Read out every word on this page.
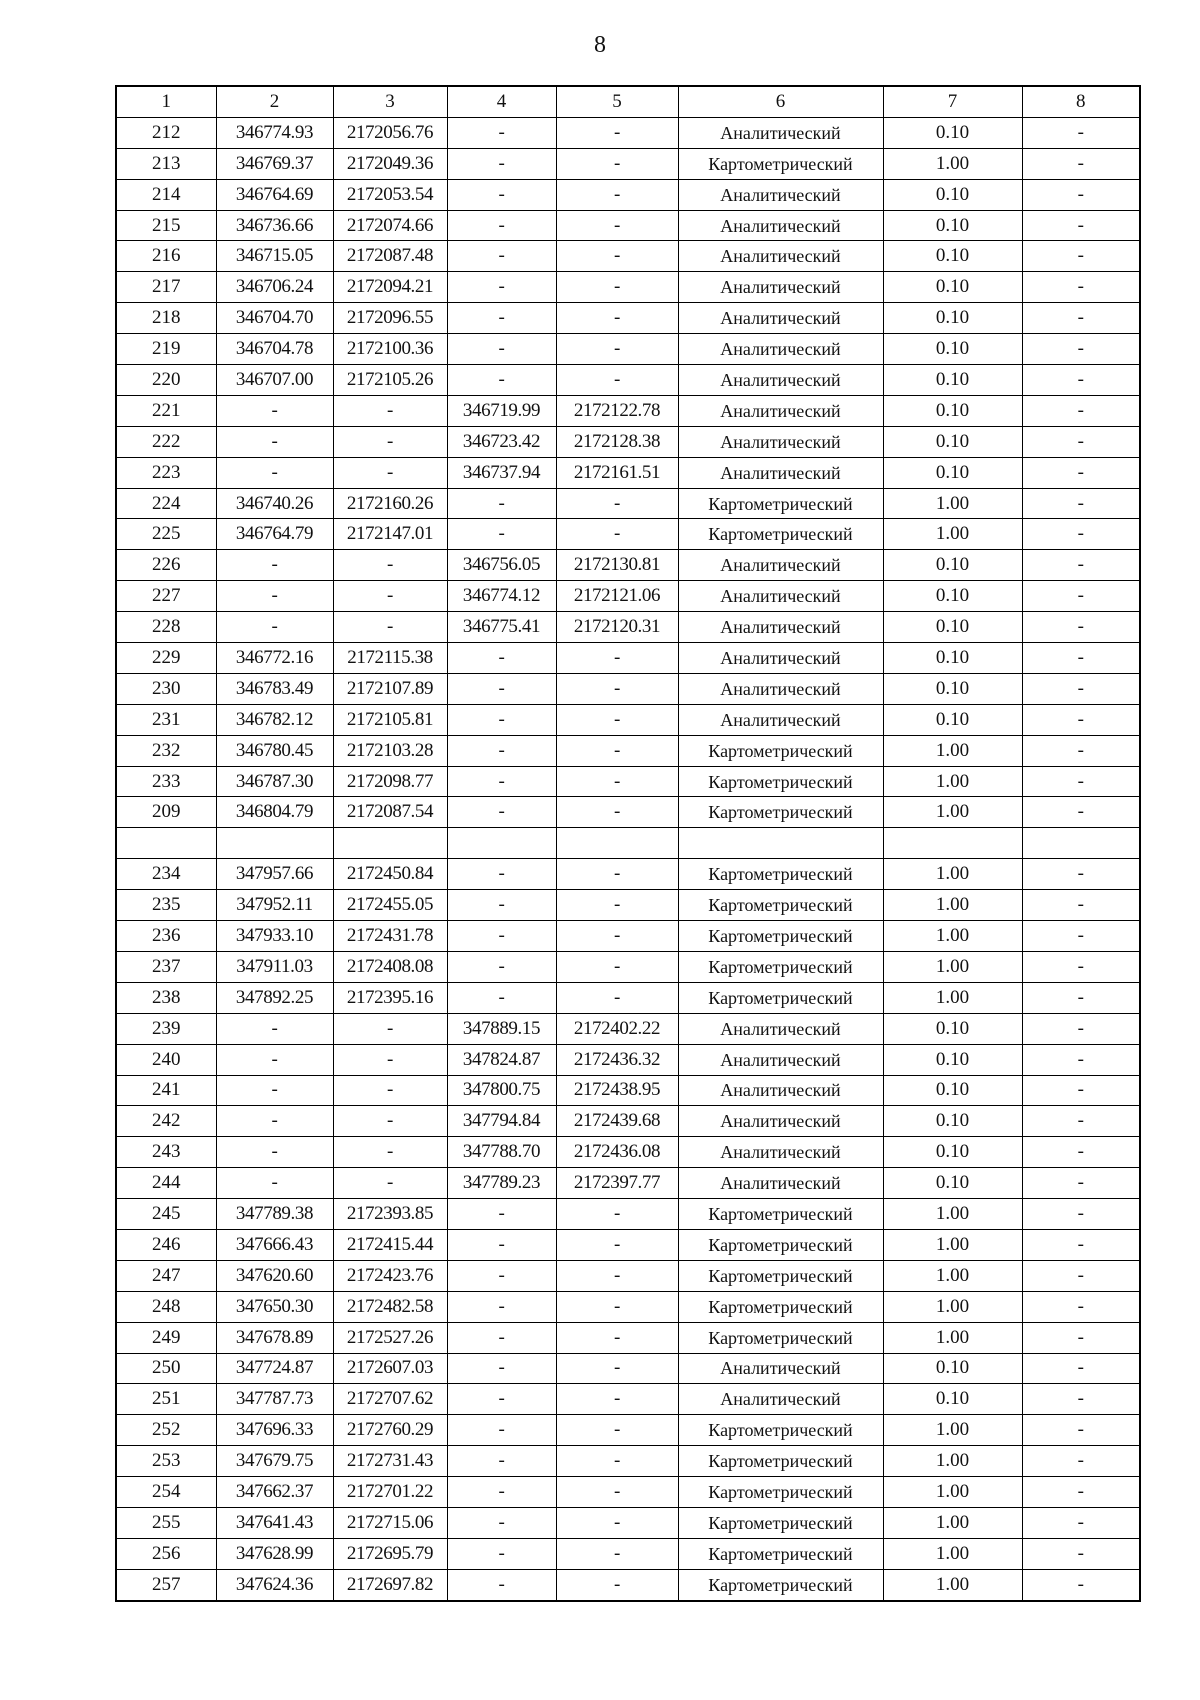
8
1	2	3	4	5	6	7	8
212	346774.93	2172056.76	-	-	Аналитический	0.10	-
213	346769.37	2172049.36	-	-	Картометрический	1.00	-
214	346764.69	2172053.54	-	-	Аналитический	0.10	-
215	346736.66	2172074.66	-	-	Аналитический	0.10	-
216	346715.05	2172087.48	-	-	Аналитический	0.10	-
217	346706.24	2172094.21	-	-	Аналитический	0.10	-
218	346704.70	2172096.55	-	-	Аналитический	0.10	-
219	346704.78	2172100.36	-	-	Аналитический	0.10	-
220	346707.00	2172105.26	-	-	Аналитический	0.10	-
221	-	-	346719.99	2172122.78	Аналитический	0.10	-
222	-	-	346723.42	2172128.38	Аналитический	0.10	-
223	-	-	346737.94	2172161.51	Аналитический	0.10	-
224	346740.26	2172160.26	-	-	Картометрический	1.00	-
225	346764.79	2172147.01	-	-	Картометрический	1.00	-
226	-	-	346756.05	2172130.81	Аналитический	0.10	-
227	-	-	346774.12	2172121.06	Аналитический	0.10	-
228	-	-	346775.41	2172120.31	Аналитический	0.10	-
229	346772.16	2172115.38	-	-	Аналитический	0.10	-
230	346783.49	2172107.89	-	-	Аналитический	0.10	-
231	346782.12	2172105.81	-	-	Аналитический	0.10	-
232	346780.45	2172103.28	-	-	Картометрический	1.00	-
233	346787.30	2172098.77	-	-	Картометрический	1.00	-
209	346804.79	2172087.54	-	-	Картометрический	1.00	-

234	347957.66	2172450.84	-	-	Картометрический	1.00	-
235	347952.11	2172455.05	-	-	Картометрический	1.00	-
236	347933.10	2172431.78	-	-	Картометрический	1.00	-
237	347911.03	2172408.08	-	-	Картометрический	1.00	-
238	347892.25	2172395.16	-	-	Картометрический	1.00	-
239	-	-	347889.15	2172402.22	Аналитический	0.10	-
240	-	-	347824.87	2172436.32	Аналитический	0.10	-
241	-	-	347800.75	2172438.95	Аналитический	0.10	-
242	-	-	347794.84	2172439.68	Аналитический	0.10	-
243	-	-	347788.70	2172436.08	Аналитический	0.10	-
244	-	-	347789.23	2172397.77	Аналитический	0.10	-
245	347789.38	2172393.85	-	-	Картометрический	1.00	-
246	347666.43	2172415.44	-	-	Картометрический	1.00	-
247	347620.60	2172423.76	-	-	Картометрический	1.00	-
248	347650.30	2172482.58	-	-	Картометрический	1.00	-
249	347678.89	2172527.26	-	-	Картометрический	1.00	-
250	347724.87	2172607.03	-	-	Аналитический	0.10	-
251	347787.73	2172707.62	-	-	Аналитический	0.10	-
252	347696.33	2172760.29	-	-	Картометрический	1.00	-
253	347679.75	2172731.43	-	-	Картометрический	1.00	-
254	347662.37	2172701.22	-	-	Картометрический	1.00	-
255	347641.43	2172715.06	-	-	Картометрический	1.00	-
256	347628.99	2172695.79	-	-	Картометрический	1.00	-
257	347624.36	2172697.82	-	-	Картометрический	1.00	-
